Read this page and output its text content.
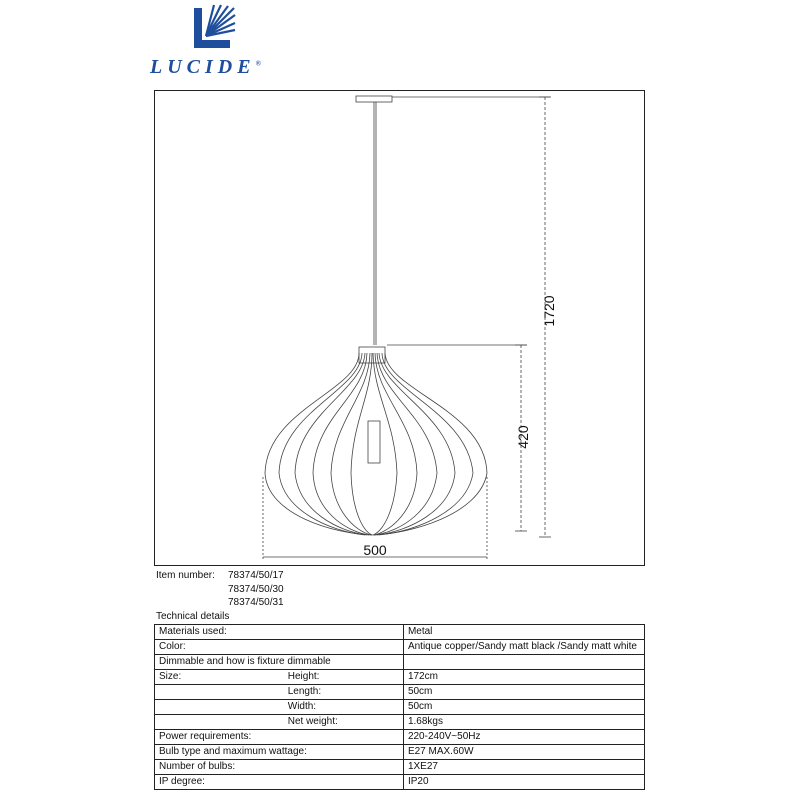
LUCIDE®
1720
420
500
Item number:	78374/50/17
78374/50/30
78374/50/31
Technical details
Materials used:		Metal
Color:		Antique copper/Sandy matt black /Sandy matt white
Dimmable and how is fixture dimmable		
Size:	Height:	172cm
	Length:	50cm
	Width:	50cm
	Net weight:	1.68kgs
Power requirements:		220-240V~50Hz
Bulb type and maximum wattage:		E27 MAX.60W
Number of bulbs:		1XE27
IP degree:		IP20
